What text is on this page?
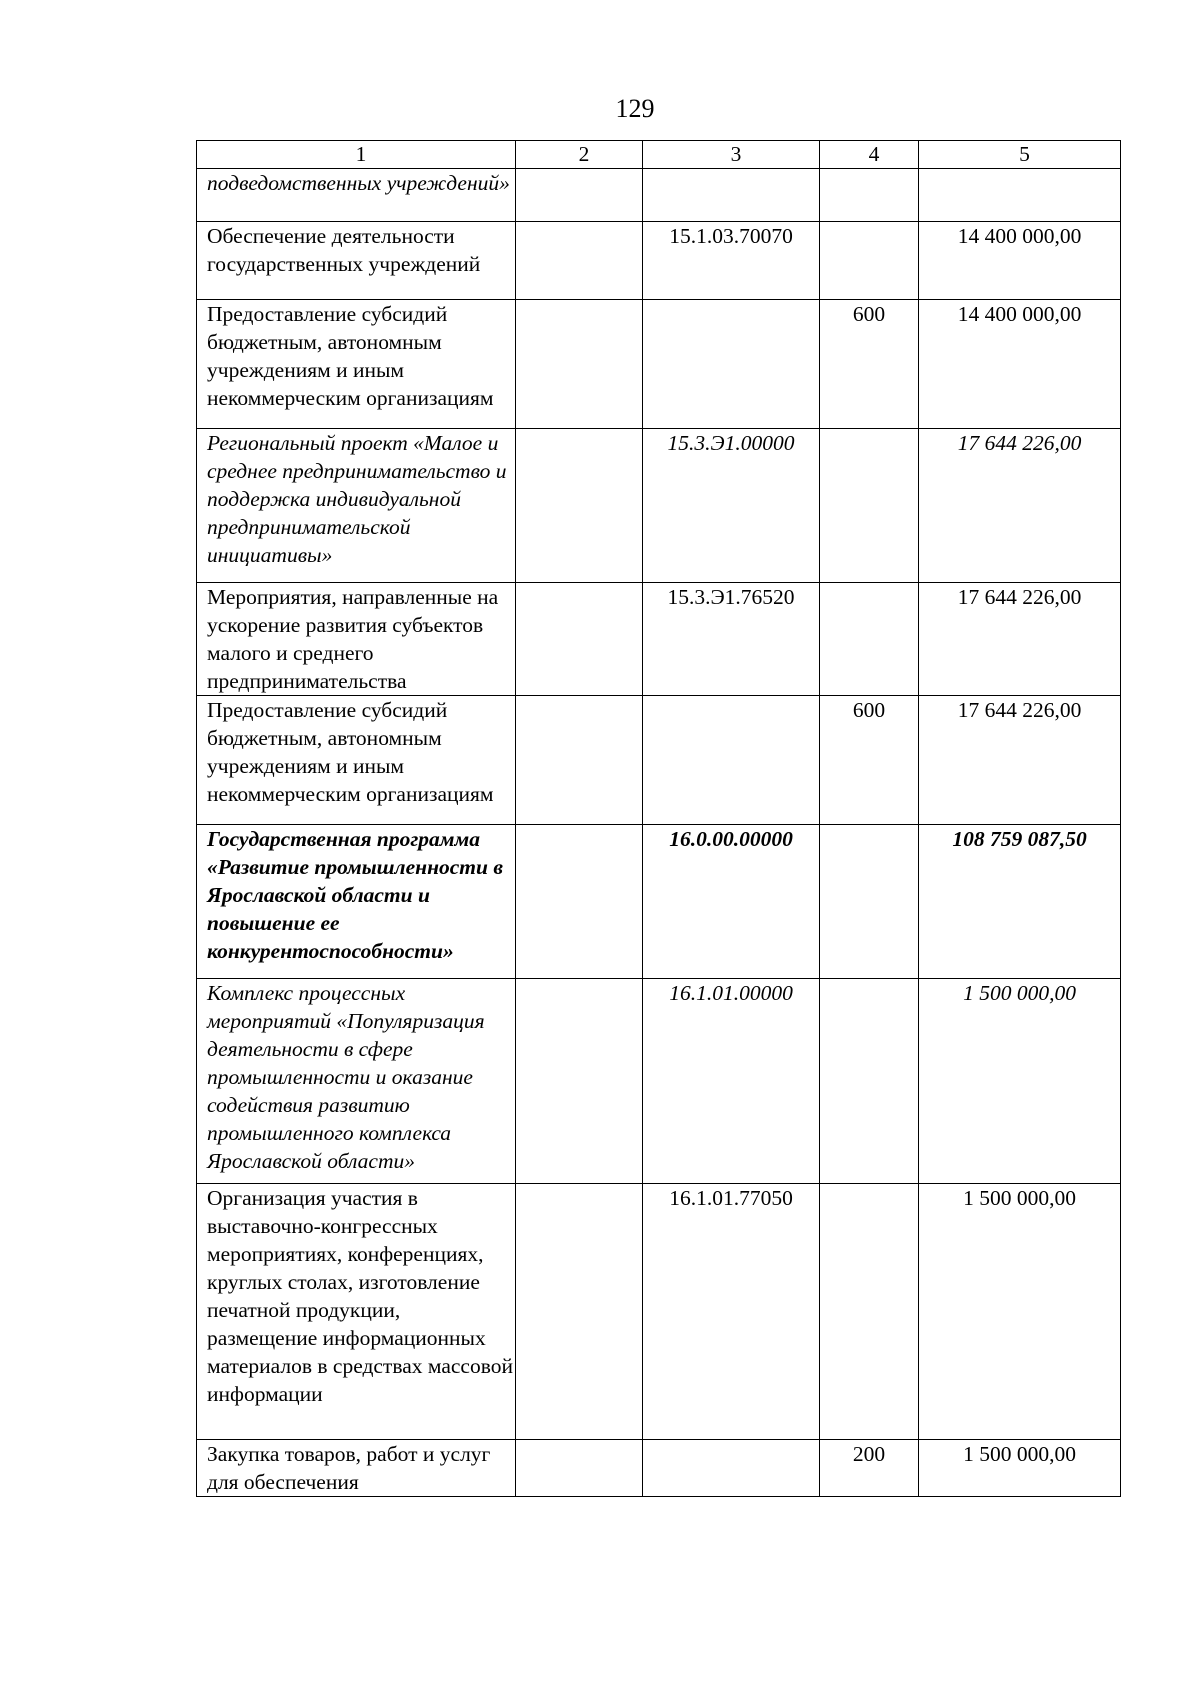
129
1	2	3	4	5
подведомственных учреждений»				
Обеспечение деятельности государственных учреждений		15.1.03.70070		14 400 000,00
Предоставление субсидий бюджетным, автономным учреждениям и иным некоммерческим организациям			600	14 400 000,00
Региональный проект «Малое и среднее предпринимательство и поддержка индивидуальной предпринимательской инициативы»		15.3.Э1.00000		17 644 226,00
Мероприятия, направленные на ускорение развития субъектов малого и среднего предпринимательства		15.3.Э1.76520		17 644 226,00
Предоставление субсидий бюджетным, автономным учреждениям и иным некоммерческим организациям			600	17 644 226,00
Государственная программа «Развитие промышленности в Ярославской области и повышение ее конкурентоспособности»		16.0.00.00000		108 759 087,50
Комплекс процессных мероприятий «Популяризация деятельности в сфере промышленности и оказание содействия развитию промышленного комплекса Ярославской области»		16.1.01.00000		1 500 000,00
Организация участия в выставочно-конгрессных мероприятиях, конференциях, круглых столах, изготовление печатной продукции, размещение информационных материалов в средствах массовой информации		16.1.01.77050		1 500 000,00
Закупка товаров, работ и услуг для обеспечения			200	1 500 000,00
